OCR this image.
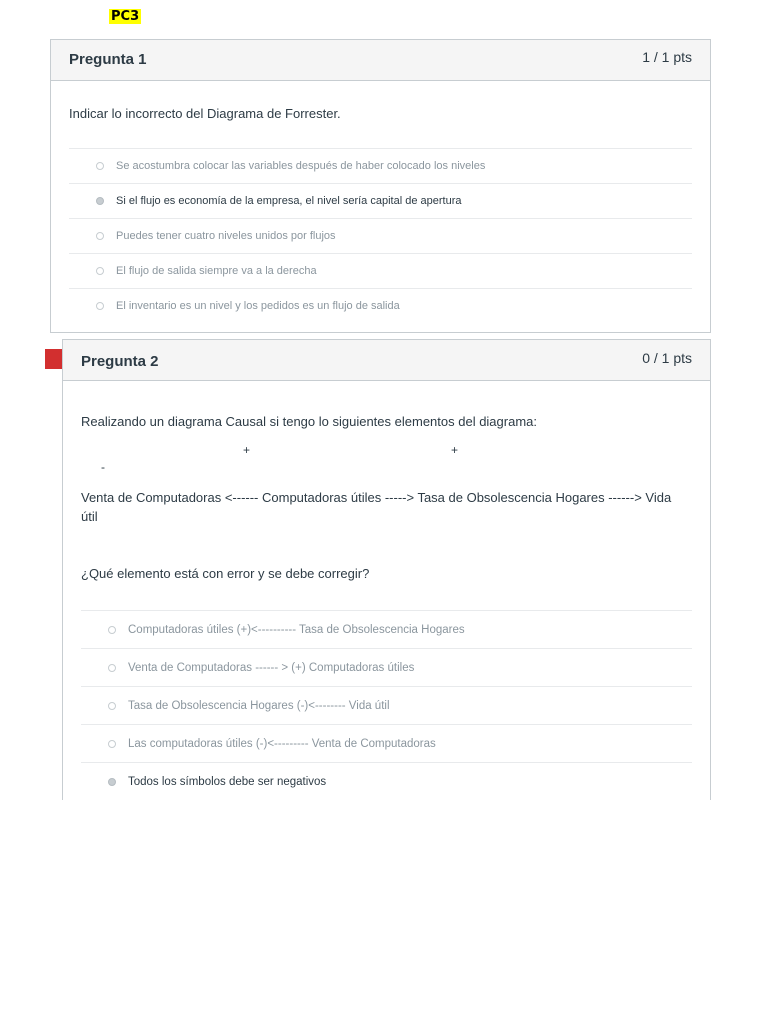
PC3
Pregunta 1	1 / 1 pts
Indicar lo incorrecto del Diagrama de Forrester.
Se acostumbra colocar las variables después de haber colocado los niveles
Si el flujo es economía de la empresa, el nivel sería capital de apertura
Puedes tener cuatro niveles unidos por flujos
El flujo de salida siempre va a la derecha
El inventario es un nivel y los pedidos es un flujo de salida
Pregunta 2	0 / 1 pts
Realizando un diagrama Causal si tengo lo siguientes elementos del diagrama:
+	+
-
Venta de Computadoras <------ Computadoras útiles -----> Tasa de Obsolescencia Hogares ------> Vida útil
¿Qué elemento está con error y se debe corregir?
Computadoras útiles (+)<---------- Tasa de Obsolescencia Hogares
Venta de Computadoras ------ > (+) Computadoras útiles
Tasa de Obsolescencia Hogares (-)<-------- Vida útil
Las computadoras útiles (-)<--------- Venta de Computadoras
Todos los símbolos debe ser negativos
